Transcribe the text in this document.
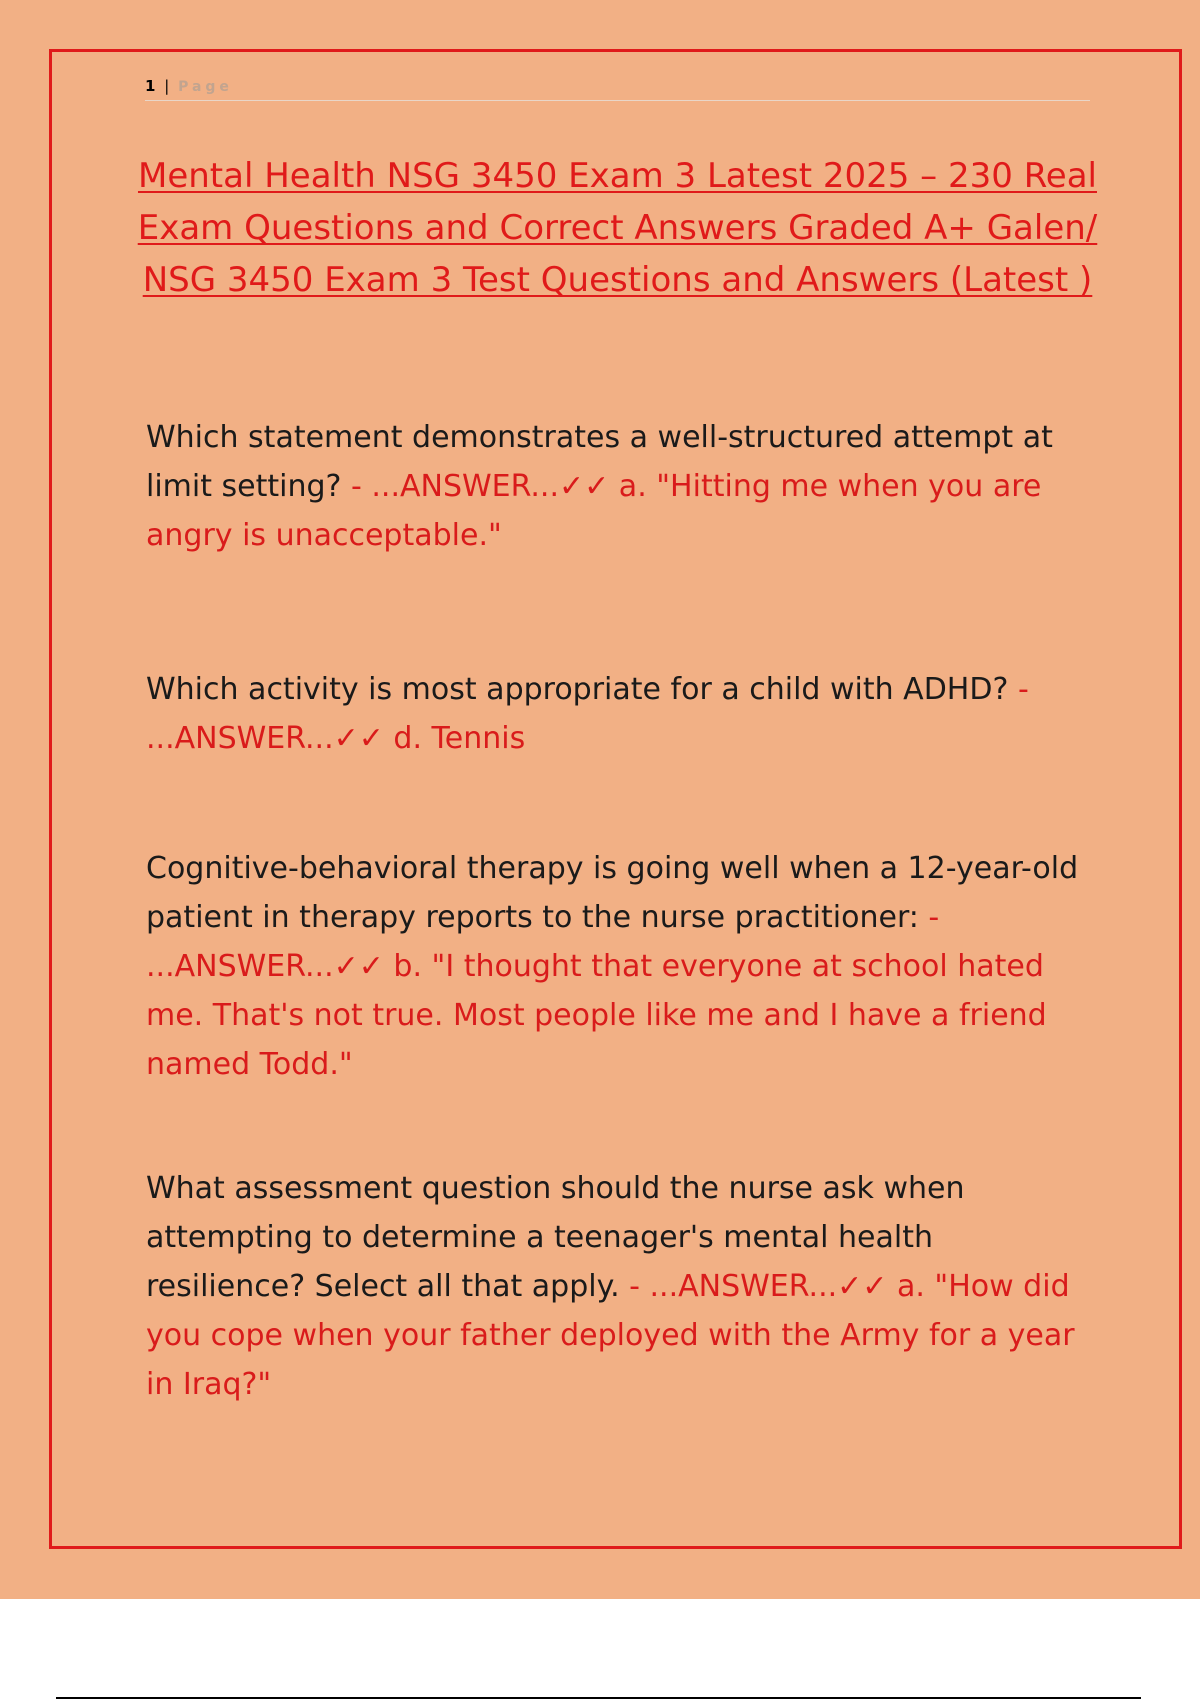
1 | Page
Mental Health NSG 3450 Exam 3 Latest 2025 – 230 Real Exam Questions and Correct Answers Graded A+ Galen/ NSG 3450 Exam 3 Test Questions and Answers (Latest )

Which statement demonstrates a well-structured attempt at limit setting? - ...ANSWER...✓✓ a. "Hitting me when you are angry is unacceptable."

Which activity is most appropriate for a child with ADHD? - ...ANSWER...✓✓ d. Tennis

Cognitive-behavioral therapy is going well when a 12-year-old patient in therapy reports to the nurse practitioner: - ...ANSWER...✓✓ b. "I thought that everyone at school hated me. That's not true. Most people like me and I have a friend named Todd."

What assessment question should the nurse ask when attempting to determine a teenager's mental health resilience? Select all that apply. - ...ANSWER...✓✓ a. "How did you cope when your father deployed with the Army for a year in Iraq?"
